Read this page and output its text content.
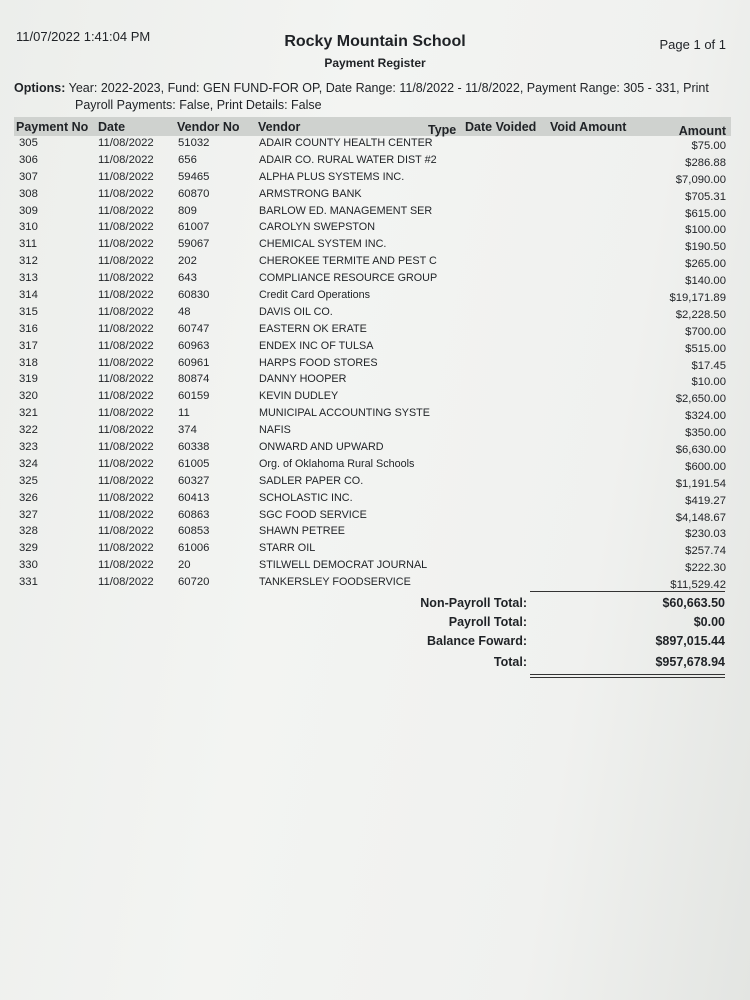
11/07/2022 1:41:04 PM	Rocky Mountain School
Payment Register
Page 1 of 1
Options: Year: 2022-2023, Fund: GEN FUND-FOR OP, Date Range: 11/8/2022 - 11/8/2022, Payment Range: 305 - 331, Print
Payroll Payments: False, Print Details: False
Payment No Date	Vendor No Vendor	Type Date Voided Void Amount	Amount
305	11/08/2022 51032	ADAIR COUNTY HEALTH CENTER	$75.00
306	11/08/2022 656	ADAIR CO. RURAL WATER DIST #2	$286.88
307	11/08/2022 59465	ALPHA PLUS SYSTEMS INC.	$7,090.00
308	11/08/2022 60870	ARMSTRONG BANK	$705.31
309	11/08/2022 809	BARLOW ED. MANAGEMENT SER	$615.00
310	11/08/2022 61007	CAROLYN SWEPSTON	$100.00
311	11/08/2022 59067	CHEMICAL SYSTEM INC.	$190.50
312	11/08/2022 202	CHEROKEE TERMITE AND PEST C	$265.00
313	11/08/2022 643	COMPLIANCE RESOURCE GROUP	$140.00
314	11/08/2022 60830	Credit Card Operations	$19,171.89
315	11/08/2022 48	DAVIS OIL CO.	$2,228.50
316	11/08/2022 60747	EASTERN OK ERATE	$700.00
317	11/08/2022 60963	ENDEX INC OF TULSA	$515.00
318	11/08/2022 60961	HARPS FOOD STORES	$17.45
319	11/08/2022 80874	DANNY HOOPER	$10.00
320	11/08/2022 60159	KEVIN DUDLEY	$2,650.00
321	11/08/2022 11	MUNICIPAL ACCOUNTING SYSTE	$324.00
322	11/08/2022 374	NAFIS	$350.00
323	11/08/2022 60338	ONWARD AND UPWARD	$6,630.00
324	11/08/2022 61005	Org. of Oklahoma Rural Schools	$600.00
325	11/08/2022 60327	SADLER PAPER CO.	$1,191.54
326	11/08/2022 60413	SCHOLASTIC INC.	$419.27
327	11/08/2022 60863	SGC FOOD SERVICE	$4,148.67
328	11/08/2022 60853	SHAWN PETREE	$230.03
329	11/08/2022 61006	STARR OIL	$257.74
330	11/08/2022 20	STILWELL DEMOCRAT JOURNAL	$222.30
331	11/08/2022 60720	TANKERSLEY FOODSERVICE	$11,529.42
Non-Payroll Total:	$60,663.50
Payroll Total:	$0.00
Balance Foward:	$897,015.44
Total:	$957,678.94
